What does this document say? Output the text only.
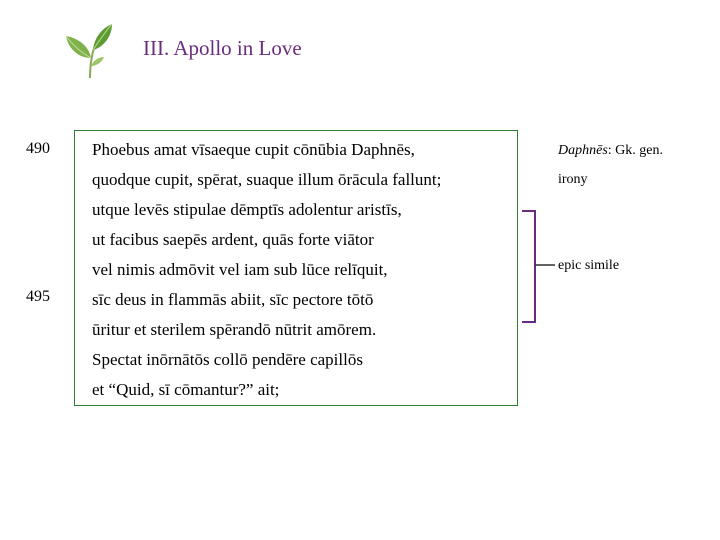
III. Apollo in Love
490
495
Phoebus amat vīsaeque cupit cōnūbia Daphnēs,
quodque cupit, spērat, suaque illum ōrācula fallunt;
utque levēs stipulae dēmptīs adolentur aristīs,
ut facibus saepēs ardent, quās forte viātor
vel nimis admōvit vel iam sub lūce relīquit,
sīc deus in flammās abiit, sīc pectore tōtō
ūritur et sterilem spērandō nūtrit amōrem.
Spectat inōrnātōs collō pendēre capillōs
et “Quid, sī cōmantur?” ait;
Daphnēs: Gk. gen.
irony
epic simile
